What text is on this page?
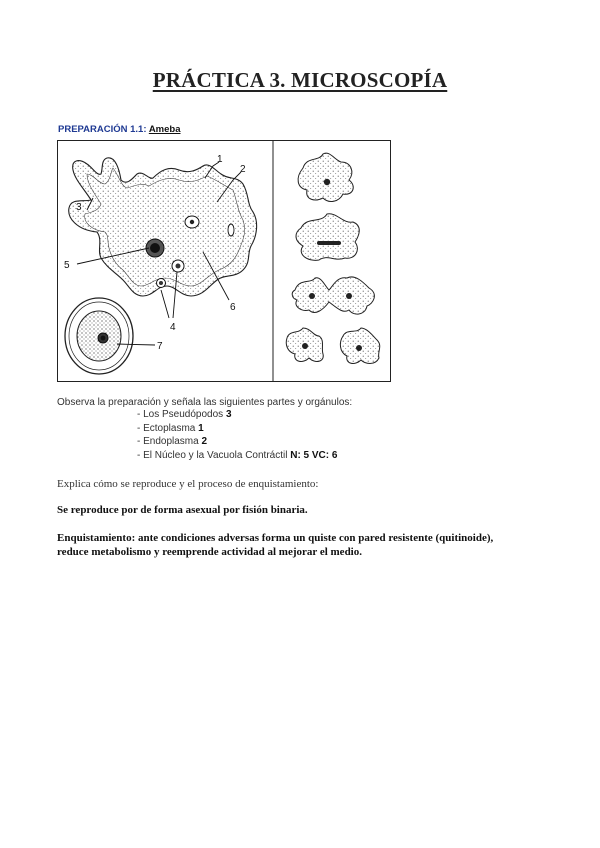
PRÁCTICA 3. MICROSCOPÍA
PREPARACIÓN 1.1: Ameba
1
2
3
4
5
6
7
Observa la preparación y señala las siguientes partes y orgánulos:
- Los Pseudópodos 3
- Ectoplasma 1
- Endoplasma 2
- El Núcleo y la Vacuola Contráctil N: 5 VC: 6
Explica cómo se reproduce y el proceso de enquistamiento:
Se reproduce por de forma asexual por fisión binaria.
Enquistamiento: ante condiciones adversas forma un quiste con pared resistente (quitinoide), reduce metabolismo y reemprende actividad al mejorar el medio.
